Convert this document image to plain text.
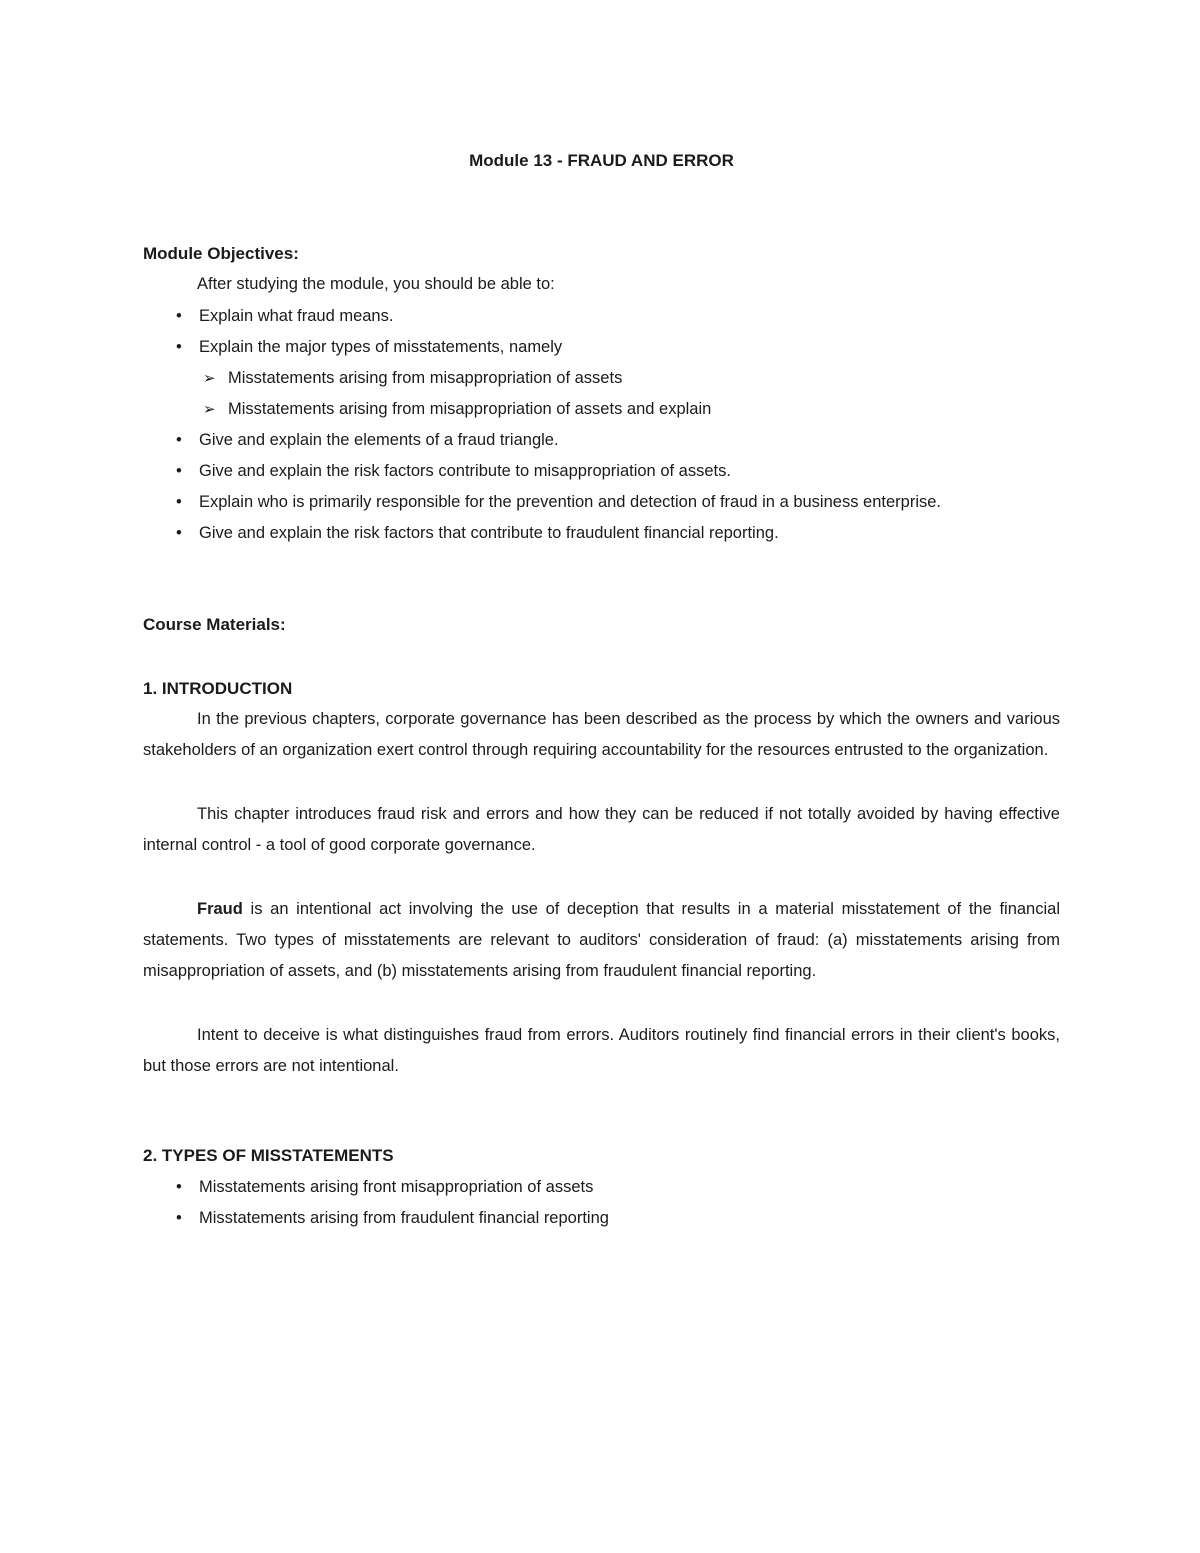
Module 13 - FRAUD AND ERROR
Module Objectives:

After studying the module, you should be able to:

• Explain what fraud means.
• Explain the major types of misstatements, namely
➢ Misstatements arising from misappropriation of assets
➢ Misstatements arising from misappropriation of assets and explain
• Give and explain the elements of a fraud triangle.
• Give and explain the risk factors contribute to misappropriation of assets.
• Explain who is primarily responsible for the prevention and detection of fraud in a business enterprise.
• Give and explain the risk factors that contribute to fraudulent financial reporting.
Course Materials:
1. INTRODUCTION

In the previous chapters, corporate governance has been described as the process by which the owners and various stakeholders of an organization exert control through requiring accountability for the resources entrusted to the organization.

This chapter introduces fraud risk and errors and how they can be reduced if not totally avoided by having effective internal control - a tool of good corporate governance.

Fraud is an intentional act involving the use of deception that results in a material misstatement of the financial statements. Two types of misstatements are relevant to auditors' consideration of fraud: (a) misstatements arising from misappropriation of assets, and (b) misstatements arising from fraudulent financial reporting.

Intent to deceive is what distinguishes fraud from errors. Auditors routinely find financial errors in their client's books, but those errors are not intentional.

2. TYPES OF MISSTATEMENTS
• Misstatements arising front misappropriation of assets
• Misstatements arising from fraudulent financial reporting
